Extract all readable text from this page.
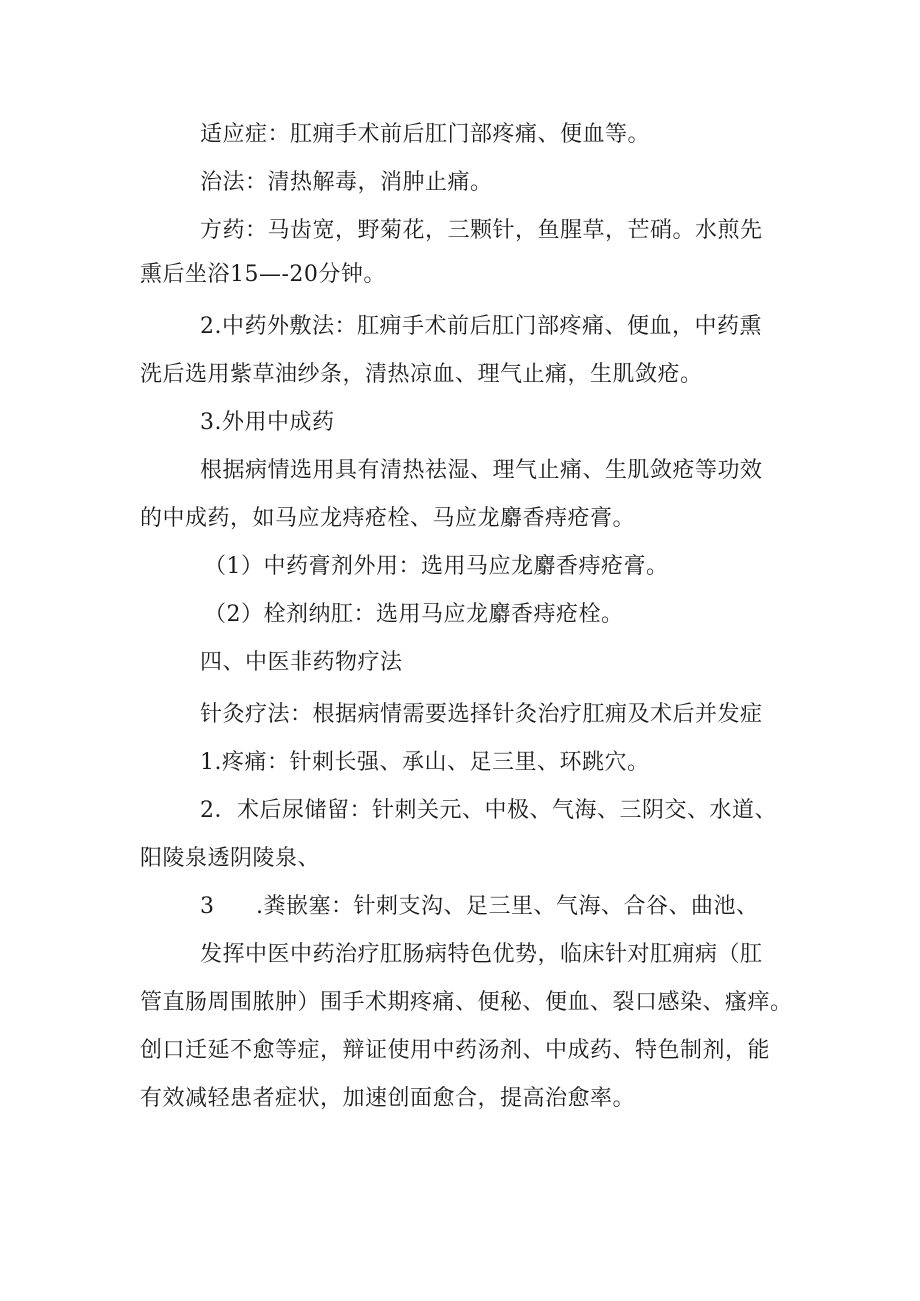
适应症：肛痈手术前后肛门部疼痛、便血等。
治法：清热解毒，消肿止痛。
方药：马齿宽，野菊花，三颗针，鱼腥草，芒硝。水煎先
熏后坐浴15—-20分钟。
2.中药外敷法：肛痈手术前后肛门部疼痛、便血，中药熏
洗后选用紫草油纱条，清热凉血、理气止痛，生肌敛疮。
3.外用中成药
根据病情选用具有清热祛湿、理气止痛、生肌敛疮等功效
的中成药，如马应龙痔疮栓、马应龙麝香痔疮膏。
（1）中药膏剂外用：选用马应龙麝香痔疮膏。
（2）栓剂纳肛：选用马应龙麝香痔疮栓。
四、中医非药物疗法
针灸疗法：根据病情需要选择针灸治疗肛痈及术后并发症
1.疼痛：针刺长强、承山、足三里、环跳穴。
2．术后尿储留：针刺关元、中极、气海、三阴交、水道、
阳陵泉透阴陵泉、
3 .粪嵌塞：针刺支沟、足三里、气海、合谷、曲池、
发挥中医中药治疗肛肠病特色优势，临床针对肛痈病（肛
管直肠周围脓肿）围手术期疼痛、便秘、便血、裂口感染、瘙痒。
创口迁延不愈等症，辩证使用中药汤剂、中成药、特色制剂，能
有效减轻患者症状，加速创面愈合，提高治愈率。
